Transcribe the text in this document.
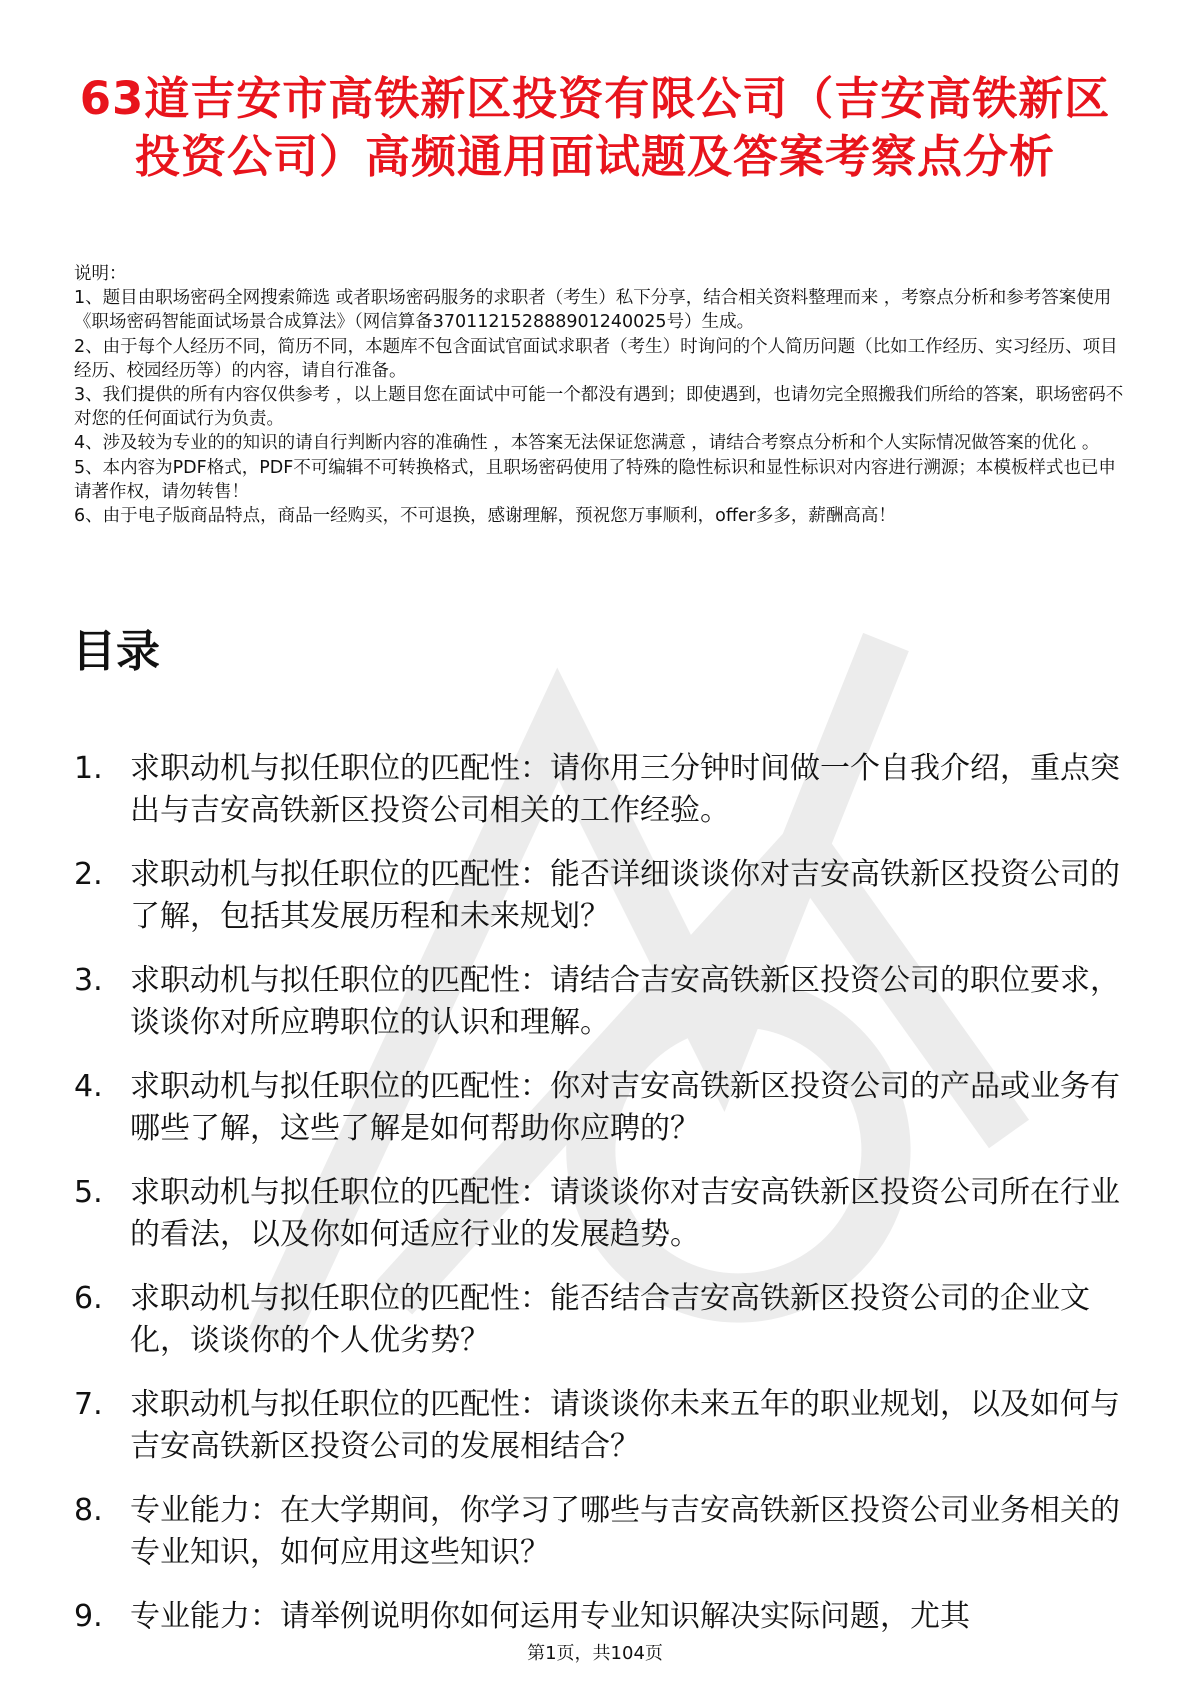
63道吉安市高铁新区投资有限公司（吉安高铁新区投资公司）高频通用面试题及答案考察点分析

说明：

1、题目由职场密码全网搜索筛选 或者职场密码服务的求职者（考生）私下分享，结合相关资料整理而来 ，考察点分析和参考答案使用《职场密码智能面试场景合成算法》（网信算备370112152888901240025号）生成。

2、由于每个人经历不同，简历不同，本题库不包含面试官面试求职者（考生）时询问的个人简历问题（比如工作经历、实习经历、项目经历、校园经历等）的内容，请自行准备。

3、我们提供的所有内容仅供参考 ，以上题目您在面试中可能一个都没有遇到；即使遇到，也请勿完全照搬我们所给的答案，职场密码不对您的任何面试行为负责。

4、涉及较为专业的的知识的请自行判断内容的准确性 ，本答案无法保证您满意 ，请结合考察点分析和个人实际情况做答案的优化 。

5、本内容为PDF格式，PDF不可编辑不可转换格式，且职场密码使用了特殊的隐性标识和显性标识对内容进行溯源；本模板样式也已申请著作权，请勿转售！

6、由于电子版商品特点，商品一经购买，不可退换，感谢理解，预祝您万事顺利，offer多多，薪酬高高！

目录
1. 求职动机与拟任职位的匹配性：请你用三分钟时间做一个自我介绍，重点突出与吉安高铁新区投资公司相关的工作经验。
2. 求职动机与拟任职位的匹配性：能否详细谈谈你对吉安高铁新区投资公司的了解，包括其发展历程和未来规划？
3. 求职动机与拟任职位的匹配性：请结合吉安高铁新区投资公司的职位要求，谈谈你对所应聘职位的认识和理解。
4. 求职动机与拟任职位的匹配性：你对吉安高铁新区投资公司的产品或业务有哪些了解，这些了解是如何帮助你应聘的？
5. 求职动机与拟任职位的匹配性：请谈谈你对吉安高铁新区投资公司所在行业的看法，以及你如何适应行业的发展趋势。
6. 求职动机与拟任职位的匹配性：能否结合吉安高铁新区投资公司的企业文化，谈谈你的个人优劣势？
7. 求职动机与拟任职位的匹配性：请谈谈你未来五年的职业规划，以及如何与吉安高铁新区投资公司的发展相结合？
8. 专业能力：在大学期间，你学习了哪些与吉安高铁新区投资公司业务相关的专业知识，如何应用这些知识？
9. 专业能力：请举例说明你如何运用专业知识解决实际问题，尤其
第1页，共104页
